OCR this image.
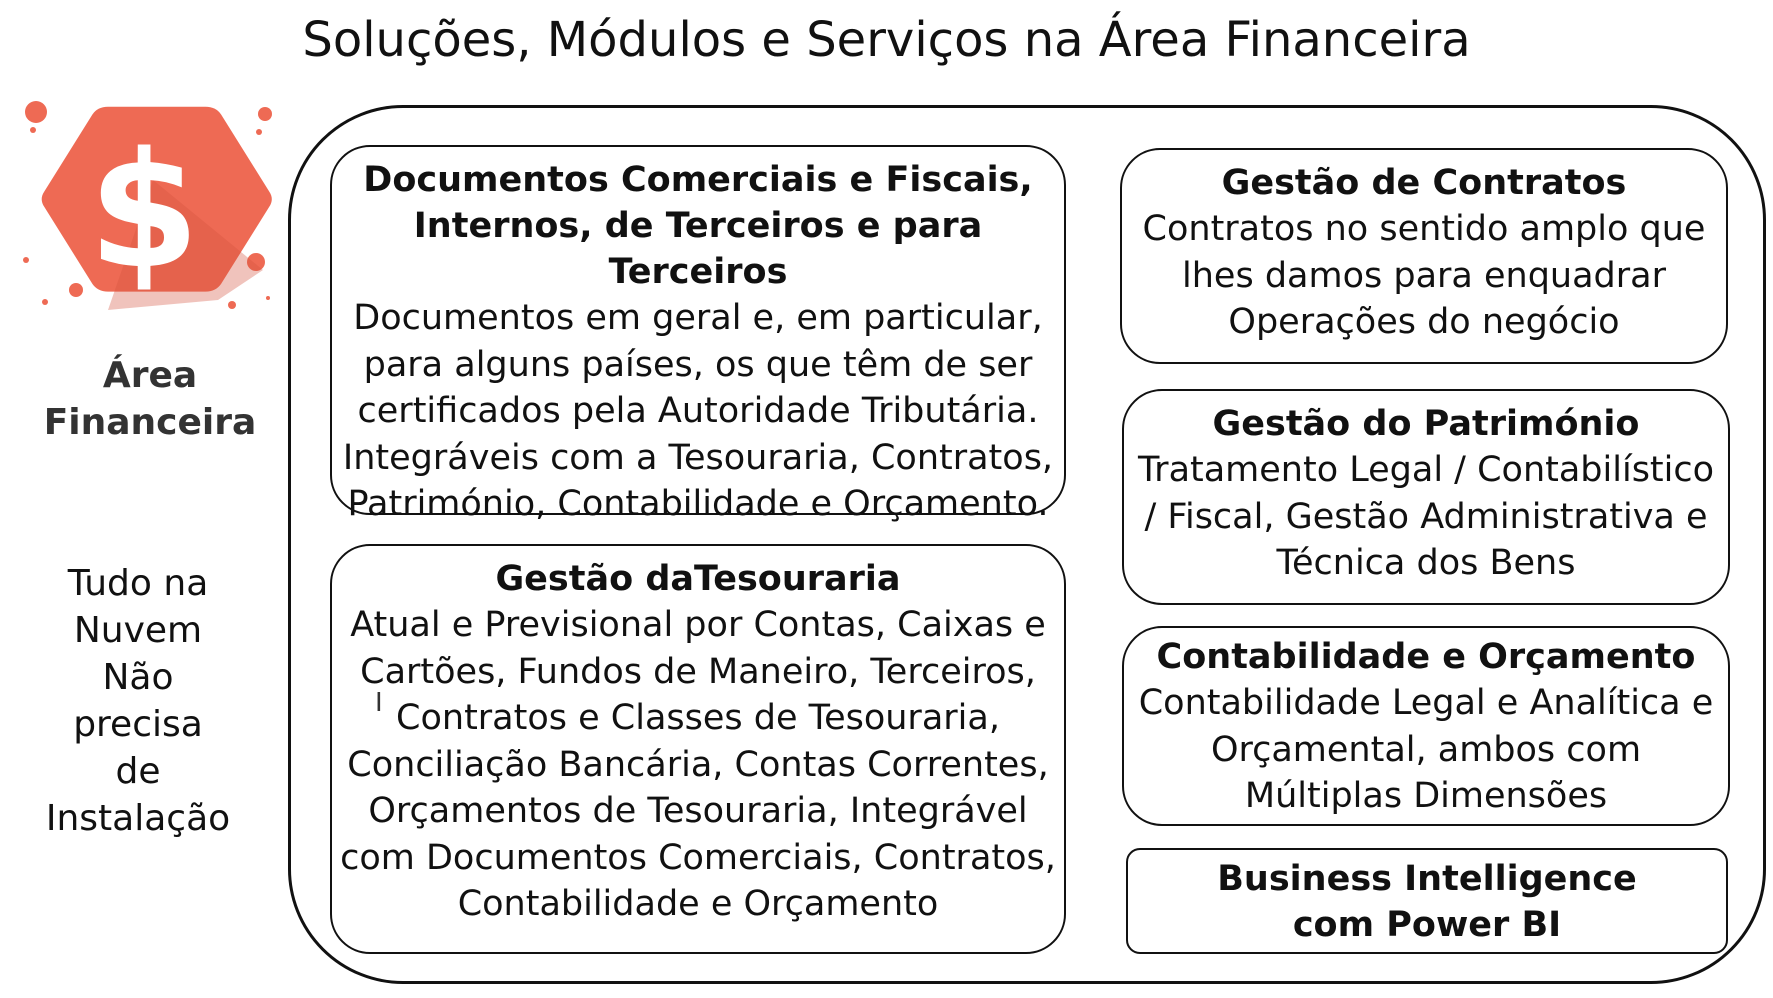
Soluções, Módulos e Serviços na Área Financeira
$
Área
Financeira
Tudo na
Nuvem
Não
precisa
de
Instalação
Documentos Comerciais e Fiscais,
Internos, de Terceiros e para Terceiros
Documentos em geral e, em particular,
para alguns países, os que têm de ser
certificados pela Autoridade Tributária.
Integráveis com a Tesouraria, Contratos,
Património, Contabilidade e Orçamento.
Gestão daTesouraria
Atual e Previsional por Contas, Caixas e
Cartões, Fundos de Maneiro, Terceiros,
Contratos e Classes de Tesouraria,
Conciliação Bancária, Contas Correntes,
Orçamentos de Tesouraria, Integrável
com Documentos Comerciais, Contratos,
Contabilidade e Orçamento
I
Gestão de Contratos
Contratos no sentido amplo que
lhes damos para enquadrar
Operações do negócio
Gestão do Património
Tratamento Legal / Contabilístico
/ Fiscal, Gestão Administrativa e
Técnica dos Bens
Contabilidade e Orçamento
Contabilidade Legal e Analítica e
Orçamental, ambos com
Múltiplas Dimensões
Business Intelligence
com Power BI
